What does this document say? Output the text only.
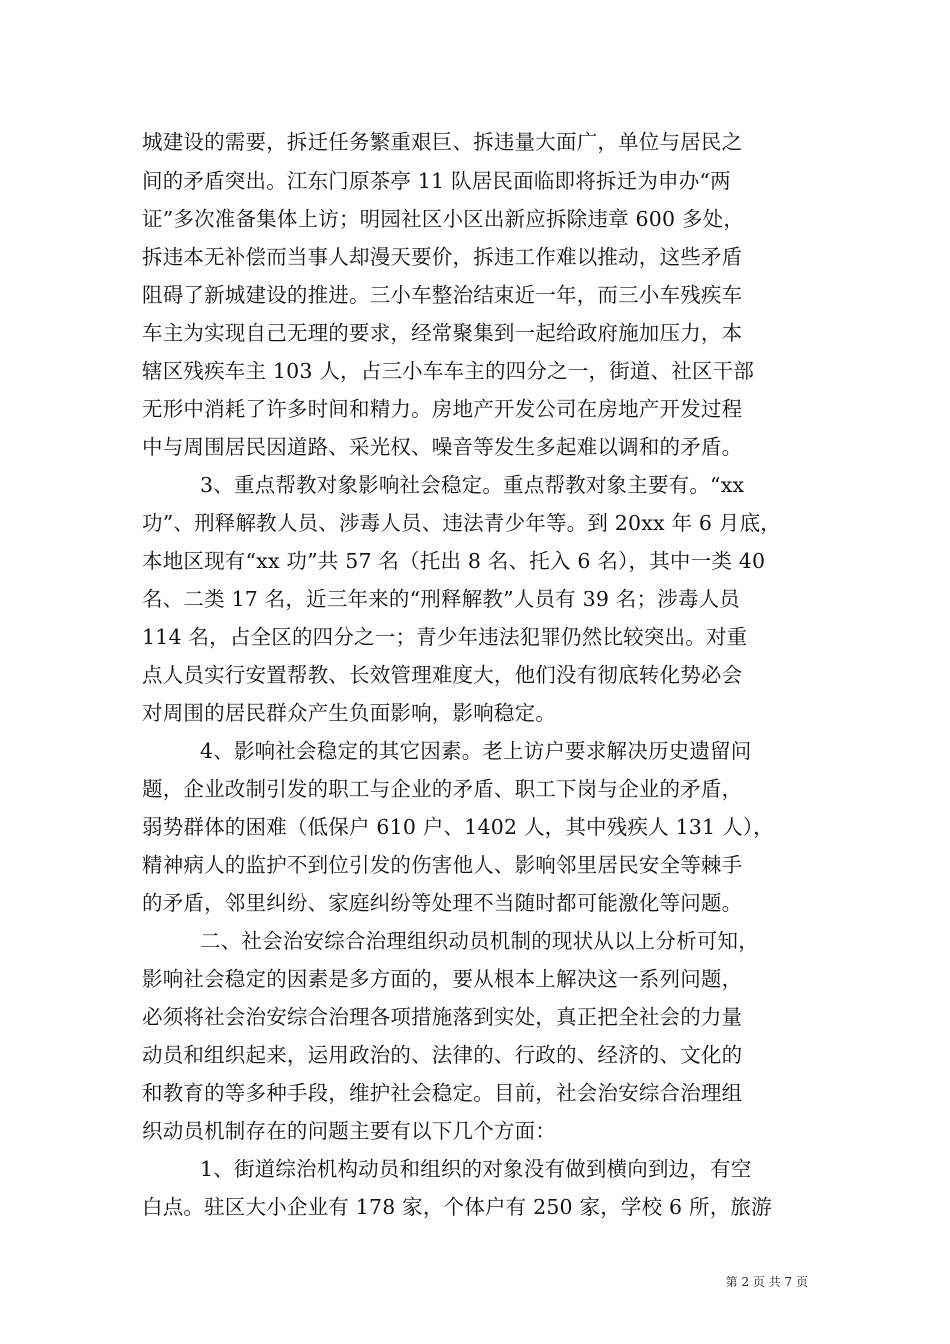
城建设的需要，拆迁任务繁重艰巨、拆违量大面广，单位与居民之
间的矛盾突出。江东门原茶亭 11 队居民面临即将拆迁为申办“两
证”多次准备集体上访；明园社区小区出新应拆除违章 600 多处，
拆违本无补偿而当事人却漫天要价，拆违工作难以推动，这些矛盾
阻碍了新城建设的推进。三小车整治结束近一年，而三小车残疾车
车主为实现自己无理的要求，经常聚集到一起给政府施加压力，本
辖区残疾车主 103 人，占三小车车主的四分之一，街道、社区干部
无形中消耗了许多时间和精力。房地产开发公司在房地产开发过程
中与周围居民因道路、采光权、噪音等发生多起难以调和的矛盾。
3、重点帮教对象影响社会稳定。重点帮教对象主要有。“xx
功”、刑释解教人员、涉毒人员、违法青少年等。到 20xx 年 6 月底，
本地区现有“xx 功”共 57 名（托出 8 名、托入 6 名），其中一类 40
名、二类 17 名，近三年来的“刑释解教”人员有 39 名；涉毒人员
114 名，占全区的四分之一；青少年违法犯罪仍然比较突出。对重
点人员实行安置帮教、长效管理难度大，他们没有彻底转化势必会
对周围的居民群众产生负面影响，影响稳定。
4、影响社会稳定的其它因素。老上访户要求解决历史遗留问
题，企业改制引发的职工与企业的矛盾、职工下岗与企业的矛盾，
弱势群体的困难（低保户 610 户、1402 人，其中残疾人 131 人），
精神病人的监护不到位引发的伤害他人、影响邻里居民安全等棘手
的矛盾，邻里纠纷、家庭纠纷等处理不当随时都可能激化等问题。
二、社会治安综合治理组织动员机制的现状从以上分析可知，
影响社会稳定的因素是多方面的，要从根本上解决这一系列问题，
必须将社会治安综合治理各项措施落到实处，真正把全社会的力量
动员和组织起来，运用政治的、法律的、行政的、经济的、文化的
和教育的等多种手段，维护社会稳定。目前，社会治安综合治理组
织动员机制存在的问题主要有以下几个方面：
1、街道综治机构动员和组织的对象没有做到横向到边，有空
白点。驻区大小企业有 178 家，个体户有 250 家，学校 6 所，旅游
第 2 页 共 7 页
